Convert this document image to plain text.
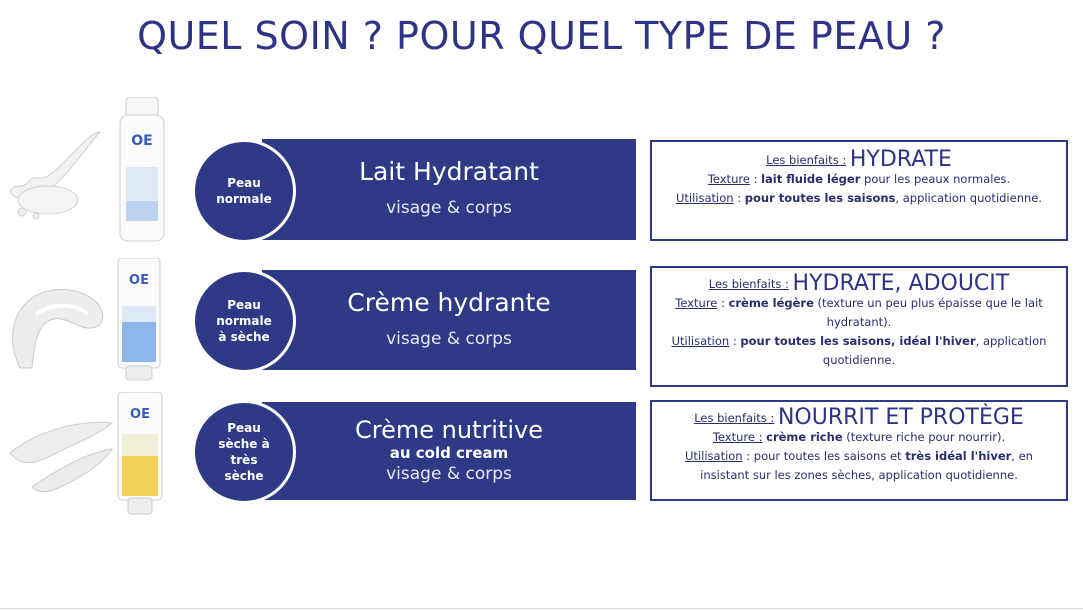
QUEL SOIN ? POUR QUEL TYPE DE PEAU ?
OE
Lait Hydratant
visage & corps
Peau
normale
Les bienfaits : HYDRATE
Texture : lait fluide léger pour les peaux normales.
Utilisation : pour toutes les saisons, application quotidienne.
OE
Crème hydrante
visage & corps
Peau
normale
à sèche
Les bienfaits : HYDRATE, ADOUCIT
Texture : crème légère (texture un peu plus épaisse que le lait hydratant).
Utilisation : pour toutes les saisons, idéal l'hiver, application quotidienne.
OE
Crème nutritive
au cold cream
visage & corps
Peau
sèche à
très
sèche
Les bienfaits : NOURRIT ET PROTÈGE
Texture : crème riche (texture riche pour nourrir).
Utilisation : pour toutes les saisons et très idéal l'hiver, en insistant sur les zones sèches, application quotidienne.
